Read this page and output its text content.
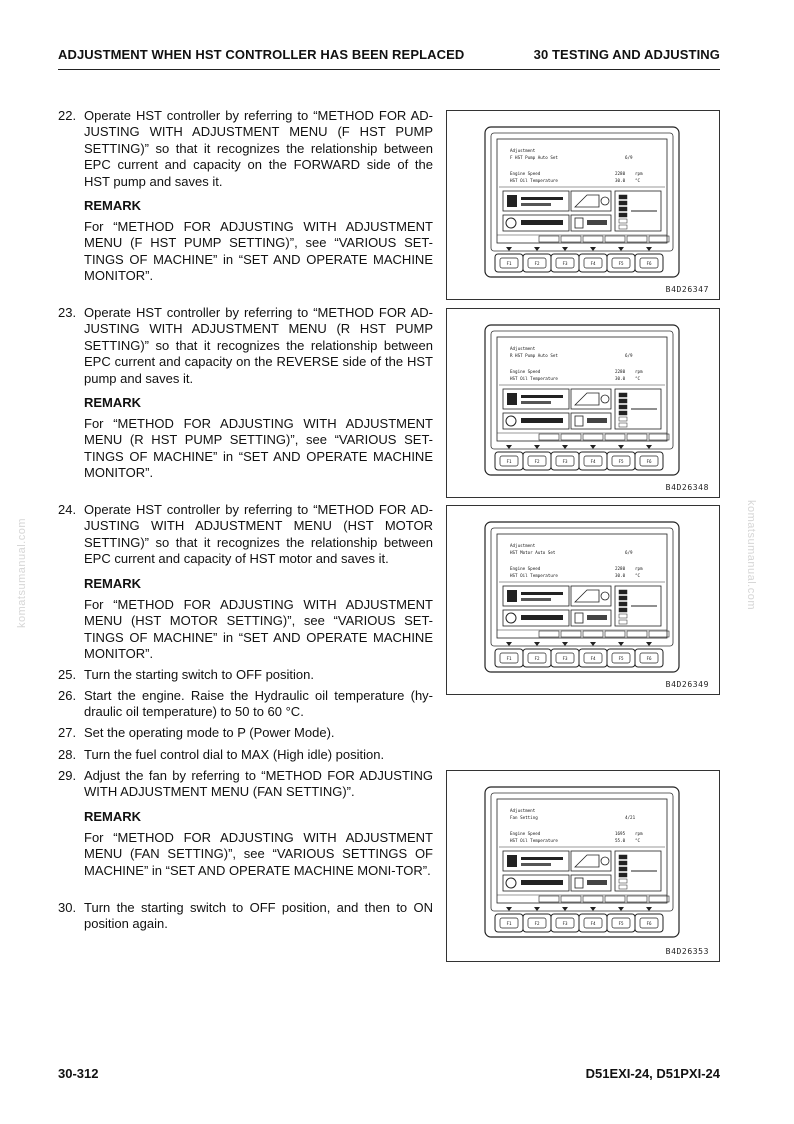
ADJUSTMENT WHEN HST CONTROLLER HAS BEEN REPLACED	30 TESTING AND ADJUSTING
komatsumanual.com	komatsumanual.com
22. Operate HST controller by referring to “METHOD FOR AD-JUSTING WITH ADJUSTMENT MENU (F HST PUMP SETTING)” so that it recognizes the relationship between EPC current and capacity on the FORWARD side of the HST pump and saves it.
REMARK
For “METHOD FOR ADJUSTING WITH ADJUSTMENT MENU (F HST PUMP SETTING)”, see “VARIOUS SET-TINGS OF MACHINE” in “SET AND OPERATE MACHINE MONITOR”.
23. Operate HST controller by referring to “METHOD FOR AD-JUSTING WITH ADJUSTMENT MENU (R HST PUMP SETTING)” so that it recognizes the relationship between EPC current and capacity on the REVERSE side of the HST pump and saves it.
REMARK
For “METHOD FOR ADJUSTING WITH ADJUSTMENT MENU (R HST PUMP SETTING)”, see “VARIOUS SET-TINGS OF MACHINE” in “SET AND OPERATE MACHINE MONITOR”.
24. Operate HST controller by referring to “METHOD FOR AD-JUSTING WITH ADJUSTMENT MENU (HST MOTOR SETTING)” so that it recognizes the relationship between EPC current and capacity of HST motor and saves it.
REMARK
For “METHOD FOR ADJUSTING WITH ADJUSTMENT MENU (HST MOTOR SETTING)”, see “VARIOUS SET-TINGS OF MACHINE” in “SET AND OPERATE MACHINE MONITOR”.
25. Turn the starting switch to OFF position.
26. Start the engine. Raise the Hydraulic oil temperature (hy-draulic oil temperature) to 50 to 60 °C.
27. Set the operating mode to P (Power Mode).
28. Turn the fuel control dial to MAX (High idle) position.
29. Adjust the fan by referring to “METHOD FOR ADJUSTING WITH ADJUSTMENT MENU (FAN SETTING)”.
REMARK
For “METHOD FOR ADJUSTING WITH ADJUSTMENT MENU (FAN SETTING)”, see “VARIOUS SETTINGS OF MACHINE” in “SET AND OPERATE MACHINE MONI-TOR”.
30. Turn the starting switch to OFF position, and then to ON position again.
Adjustment
F HST Pump Auto Set	6/9
Engine Speed	2280 rpm
HST Oil Temperature	30.0 °C
F1	F2	F3	F4	F5	F6
B4D26347
Adjustment
R HST Pump Auto Set	6/9
Engine Speed	2280 rpm
HST Oil Temperature	30.0 °C
F1	F2	F3	F4	F5	F6
B4D26348
Adjustment
HST Motor Auto Set	6/9
Engine Speed	2280 rpm
HST Oil Temperature	30.0 °C
F1	F2	F3	F4	F5	F6
B4D26349
Adjustment
Fan Setting	4/21
Engine Speed	1695 rpm
HST Oil Temperature	55.0 °C
F1	F2	F3	F4	F5	F6
B4D26353
30-312	D51EXI-24, D51PXI-24
